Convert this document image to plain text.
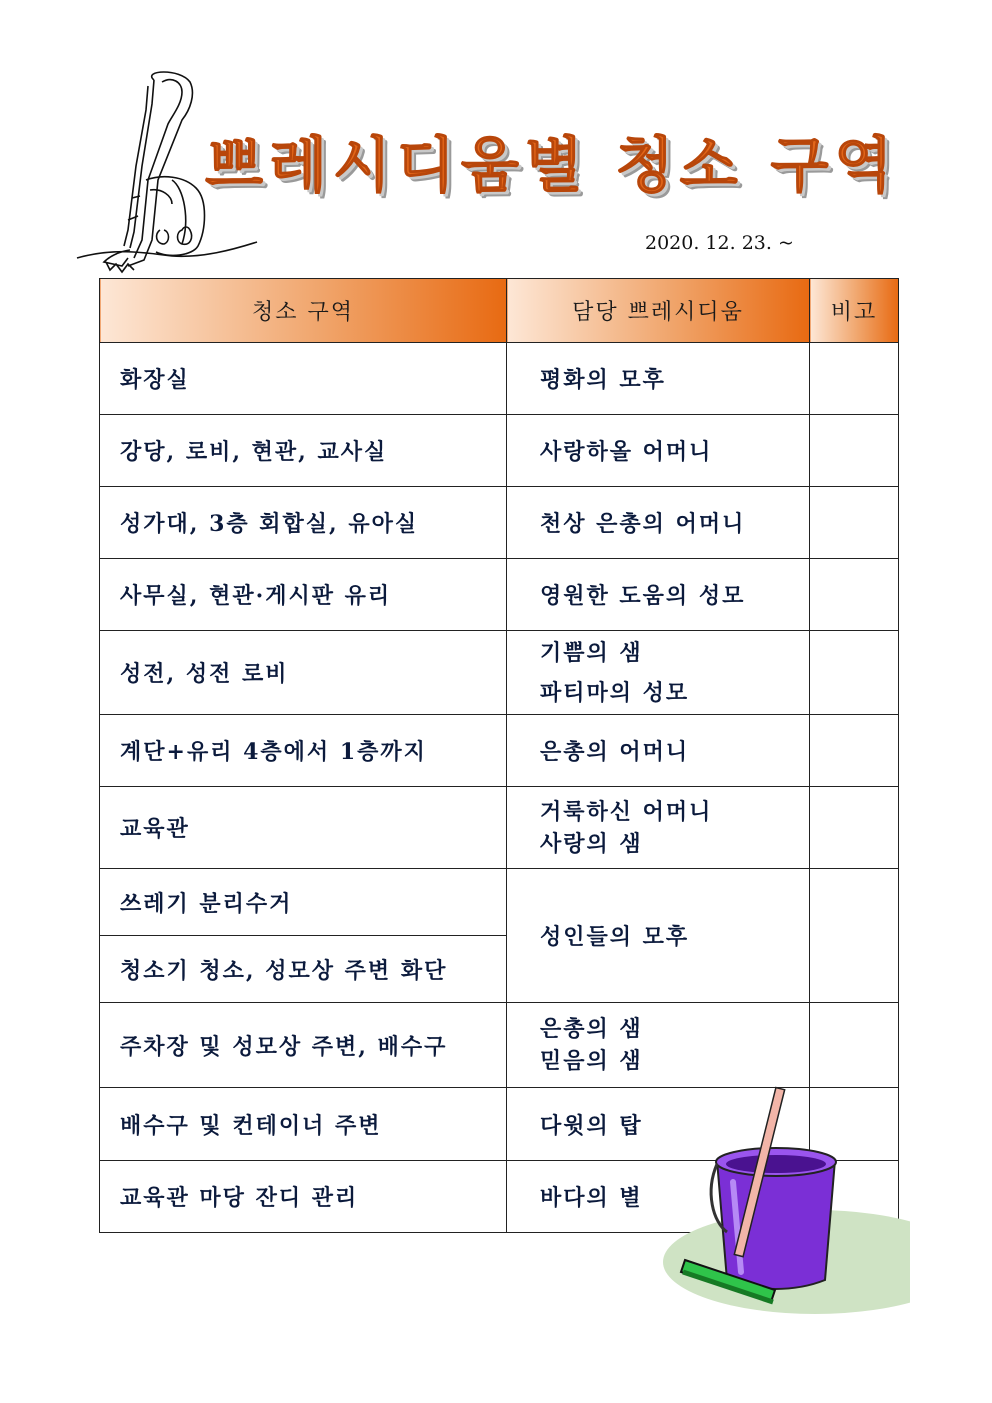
쁘레시디움별 청소 구역
2020. 12. 23. ~
청소 구역	담당 쁘레시디움	비고
화장실	평화의 모후	
강당, 로비, 현관, 교사실	사랑하올 어머니	
성가대, 3층 회합실, 유아실	천상 은총의 어머니	
사무실, 현관·게시판 유리	영원한 도움의 성모	
성전, 성전 로비	기쁨의 샘
파티마의 성모	

계단+유리 4층에서 1층까지	은총의 어머니	
교육관	거룩하신 어머니
사랑의 샘	

쓰레기 분리수거	성인들의 모후	
청소기 청소, 성모상 주변 화단		
주차장 및 성모상 주변, 배수구	은총의 샘
믿음의 샘	

배수구 및 컨테이너 주변	다윗의 탑	
교육관 마당 잔디 관리	바다의 별	
